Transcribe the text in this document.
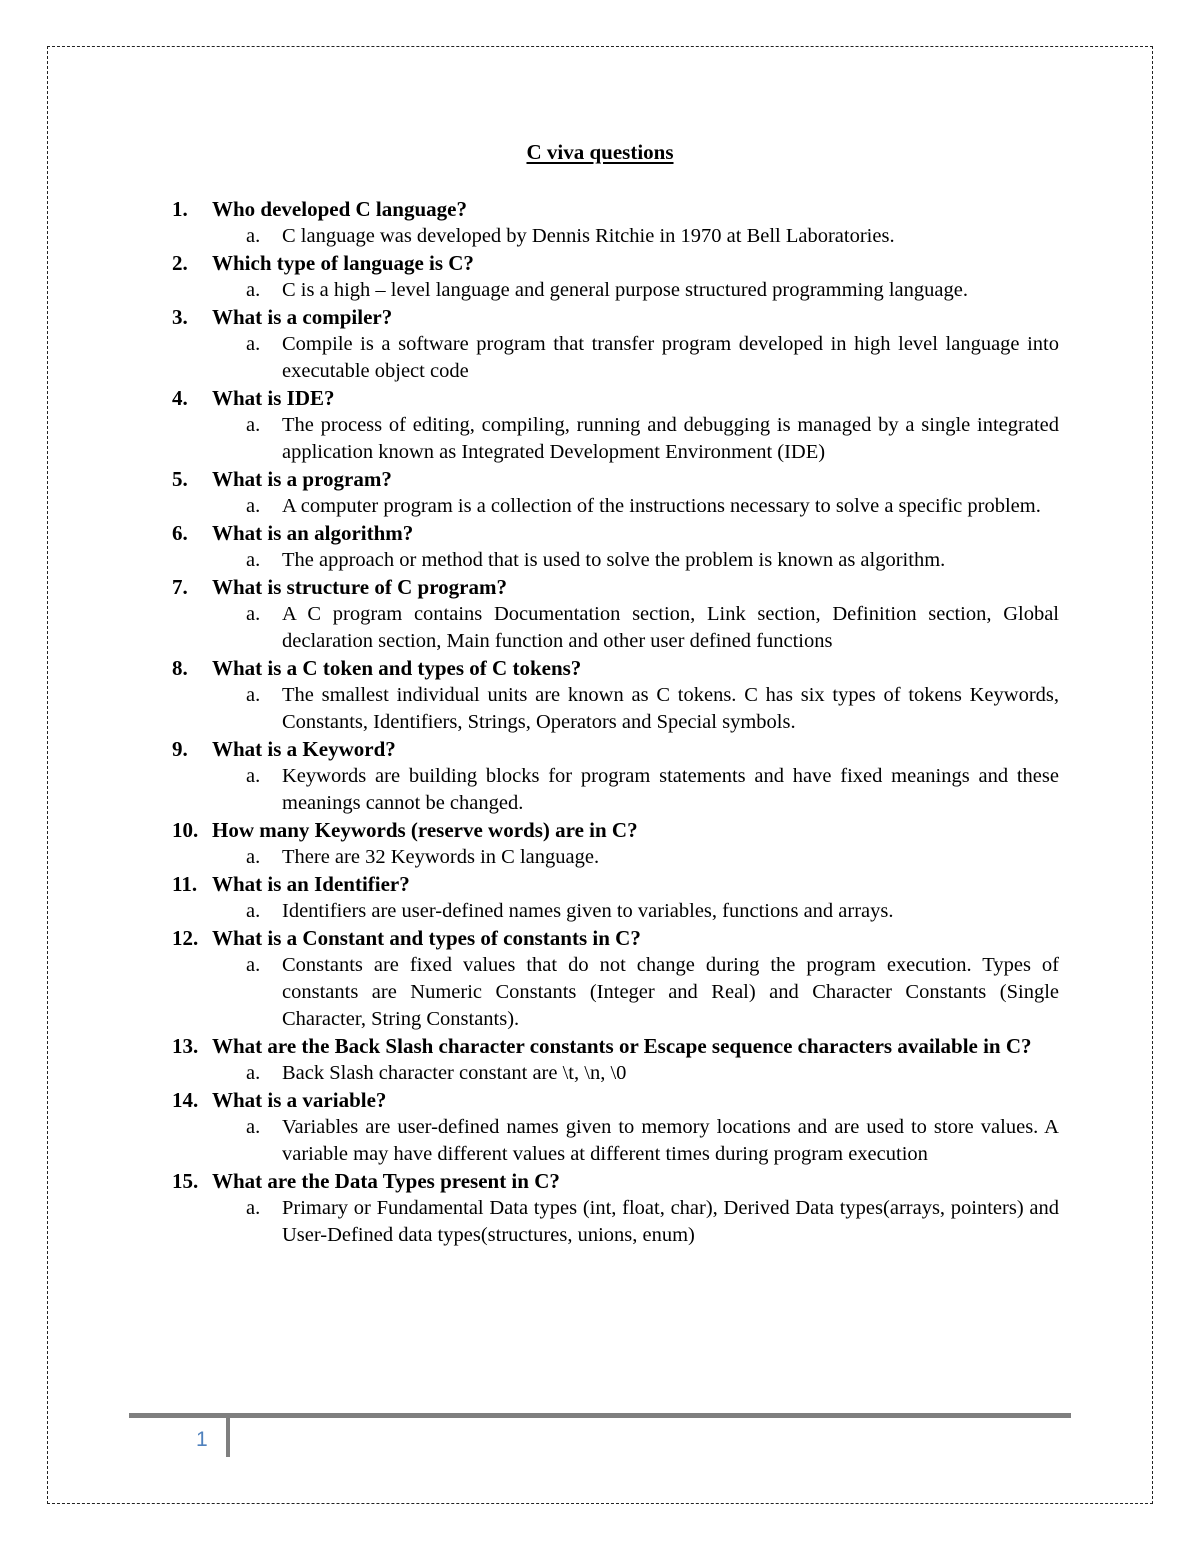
C viva questions
1.	Who developed C language?
a.	C language was developed by Dennis Ritchie in 1970 at Bell Laboratories.
2.	Which type of language is C?
a.	C is a high – level language and general purpose structured programming language.
3.	What is a compiler?
a.	Compile is a software program that transfer program developed in high level language into executable object code
4.	What is IDE?
a.	The process of editing, compiling, running and debugging is managed by a single integrated application known as Integrated Development Environment (IDE)
5.	What is a program?
a.	A computer program is a collection of the instructions necessary to solve a specific problem.
6.	What is an algorithm?
a.	The approach or method that is used to solve the problem is known as algorithm.
7.	What is structure of C program?
a.	A C program contains Documentation section, Link section, Definition section, Global declaration section, Main function and other user defined functions
8.	What is a C token and types of C tokens?
a.	The smallest individual units are known as C tokens. C has six types of tokens Keywords, Constants, Identifiers, Strings, Operators and Special symbols.
9.	What is a Keyword?
a.	Keywords are building blocks for program statements and have fixed meanings and these meanings cannot be changed.
10. How many Keywords (reserve words) are in C?
a.	There are 32 Keywords in C language.
11. What is an Identifier?
a.	Identifiers are user-defined names given to variables, functions and arrays.
12. What is a Constant and types of constants in C?
a.	Constants are fixed values that do not change during the program execution. Types of constants are Numeric Constants (Integer and Real) and Character Constants (Single Character, String Constants).
13. What are the Back Slash character constants or Escape sequence characters available in C?
a.	Back Slash character constant are \t, \n, \0
14. What is a variable?
a.	Variables are user-defined names given to memory locations and are used to store values. A variable may have different values at different times during program execution
15. What are the Data Types present in C?
a.	Primary or Fundamental Data types (int, float, char), Derived Data types(arrays, pointers) and User-Defined data types(structures, unions, enum)
1
